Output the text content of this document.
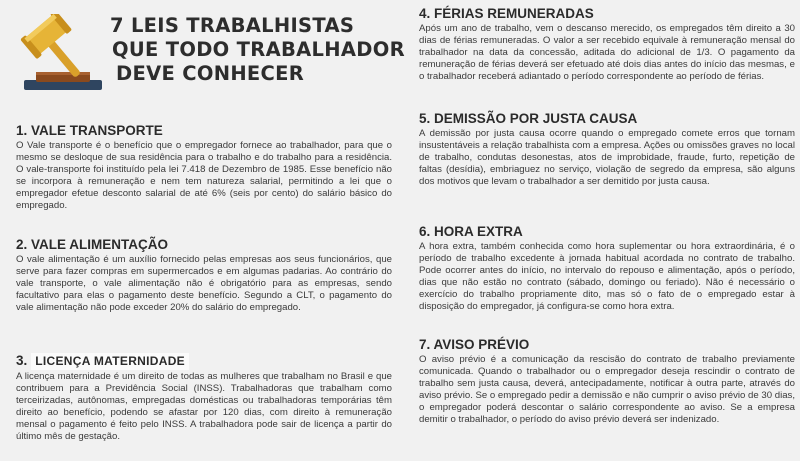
7 LEIS TRABALHISTAS
QUE TODO TRABALHADOR
DEVE CONHECER
1. VALE TRANSPORTE

O Vale transporte é o benefício que o empregador fornece ao trabalhador, para que o mesmo se desloque de sua residência para o trabalho e do trabalho para a residência. O vale-transporte foi instituído pela lei 7.418 de Dezembro de 1985. Esse benefício não se incorpora à remuneração e nem tem natureza salarial, permitindo a lei que o empregador efetue desconto salarial de até 6% (seis por cento) do salário básico do empregado.

2. VALE ALIMENTAÇÃO

O vale alimentação é um auxílio fornecido pelas empresas aos seus funcionários, que serve para fazer compras em supermercados e em algumas padarias. Ao contrário do vale transporte, o vale alimentação não é obrigatório para as empresas, sendo facultativo para elas o pagamento deste benefício. Segundo a CLT, o pagamento do vale alimentação não pode exceder 20% do salário do empregado.

3. LICENÇA MATERNIDADE

A licença maternidade é um direito de todas as mulheres que trabalham no Brasil e que contribuem para a Previdência Social (INSS). Trabalhadoras que trabalham como terceirizadas, autônomas, empregadas domésticas ou trabalhadoras temporárias têm direito ao benefício, podendo se afastar por 120 dias, com direito à remuneração mensal o pagamento é feito pelo INSS. A trabalhadora pode sair de licença a partir do último mês de gestação.

4. FÉRIAS REMUNERADAS

Após um ano de trabalho, vem o descanso merecido, os empregados têm direito a 30 dias de férias remuneradas. O valor a ser recebido equivale à remuneração mensal do trabalhador na data da concessão, aditada do adicional de 1/3. O pagamento da remuneração de férias deverá ser efetuado até dois dias antes do início das mesmas, e o trabalhador receberá adiantado o período correspondente ao período de férias.

5. DEMISSÃO POR JUSTA CAUSA

A demissão por justa causa ocorre quando o empregado comete erros que tornam insustentáveis a relação trabalhista com a empresa. Ações ou omissões graves no local de trabalho, condutas desonestas, atos de improbidade, fraude, furto, repetição de faltas (desídia), embriaguez no serviço, violação de segredo da empresa, são alguns dos motivos que levam o trabalhador a ser demitido por justa causa.

6. HORA EXTRA

A hora extra, também conhecida como hora suplementar ou hora extraordinária, é o período de trabalho excedente à jornada habitual acordada no contrato de trabalho. Pode ocorrer antes do início, no intervalo do repouso e alimentação, após o período, dias que não estão no contrato (sábado, domingo ou feriado). Não é necessário o exercício do trabalho propriamente dito, mas só o fato de o empregado estar à disposição do empregador, já configura-se como hora extra.

7. AVISO PRÉVIO

O aviso prévio é a comunicação da rescisão do contrato de trabalho previamente comunicada. Quando o trabalhador ou o empregador deseja rescindir o contrato de trabalho sem justa causa, deverá, antecipadamente, notificar à outra parte, através do aviso prévio. Se o empregado pedir a demissão e não cumprir o aviso prévio de 30 dias, o empregador poderá descontar o salário correspondente ao aviso. Se a empresa demitir o trabalhador, o período do aviso prévio deverá ser indenizado.
